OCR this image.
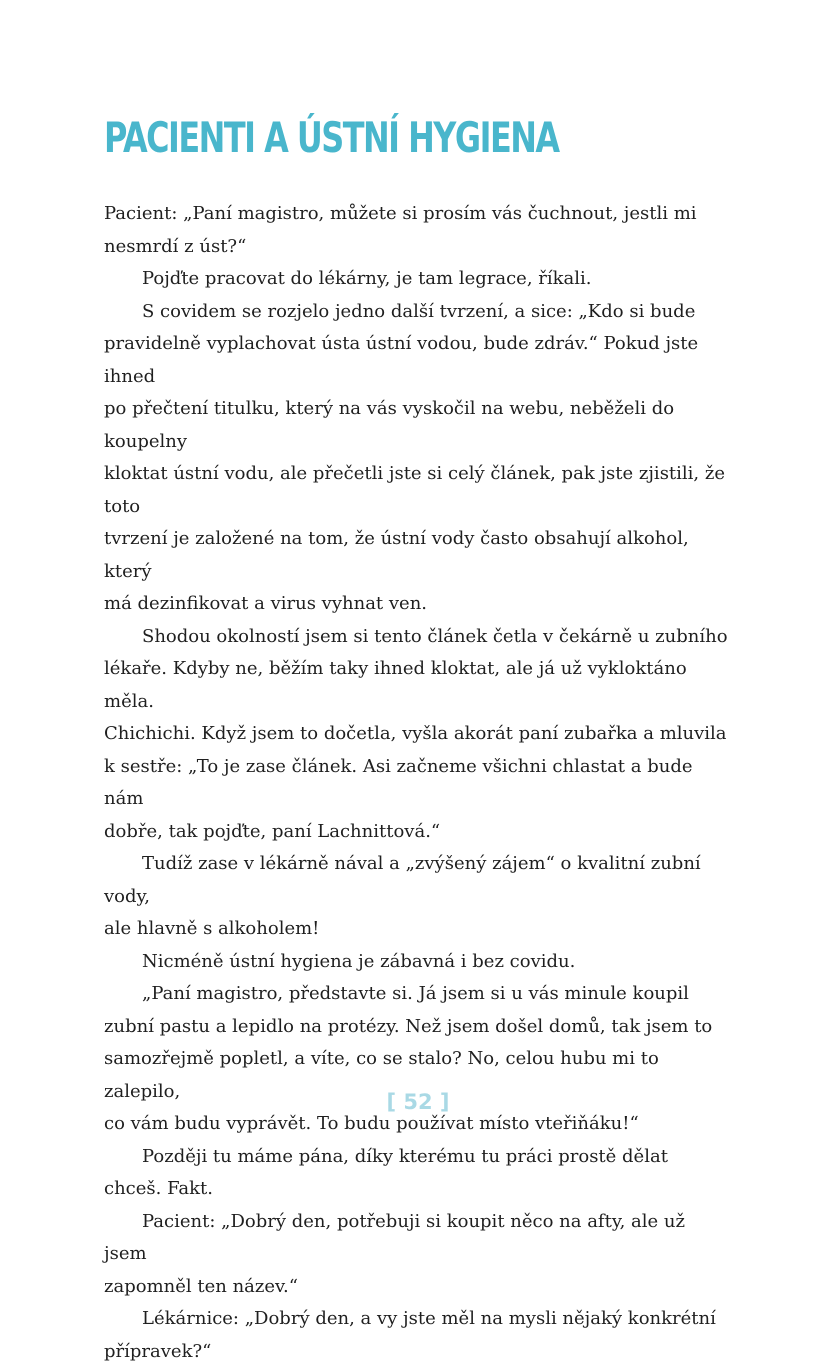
PACIENTI A ÚSTNÍ HYGIENA

Pacient: „Paní magistro, můžete si prosím vás čuchnout, jestli mi
nesmrdí z úst?“

Pojďte pracovat do lékárny, je tam legrace, říkali.

S covidem se rozjelo jedno další tvrzení, a sice: „Kdo si bude
pravidelně vyplachovat ústa ústní vodou, bude zdráv.“ Pokud jste ihned
po přečtení titulku, který na vás vyskočil na webu, neběželi do koupelny
kloktat ústní vodu, ale přečetli jste si celý článek, pak jste zjistili, že toto
tvrzení je založené na tom, že ústní vody často obsahují alkohol, který
má dezinfikovat a virus vyhnat ven.

Shodou okolností jsem si tento článek četla v čekárně u zubního
lékaře. Kdyby ne, běžím taky ihned kloktat, ale já už vykloktáno měla.
Chichichi. Když jsem to dočetla, vyšla akorát paní zubařka a mluvila
k sestře: „To je zase článek. Asi začneme všichni chlastat a bude nám
dobře, tak pojďte, paní Lachnittová.“

Tudíž zase v lékárně nával a „zvýšený zájem“ o kvalitní zubní vody,
ale hlavně s alkoholem!

Nicméně ústní hygiena je zábavná i bez covidu.

„Paní magistro, představte si. Já jsem si u vás minule koupil
zubní pastu a lepidlo na protézy. Než jsem došel domů, tak jsem to
samozřejmě popletl, a víte, co se stalo? No, celou hubu mi to zalepilo,
co vám budu vyprávět. To budu používat místo vteřiňáku!“

Později tu máme pána, díky kterému tu práci prostě dělat chceš. Fakt.

Pacient: „Dobrý den, potřebuji si koupit něco na afty, ale už jsem
zapomněl ten název.“

Lékárnice: „Dobrý den, a vy jste měl na mysli nějaký konkrétní
přípravek?“

[ 52 ]
